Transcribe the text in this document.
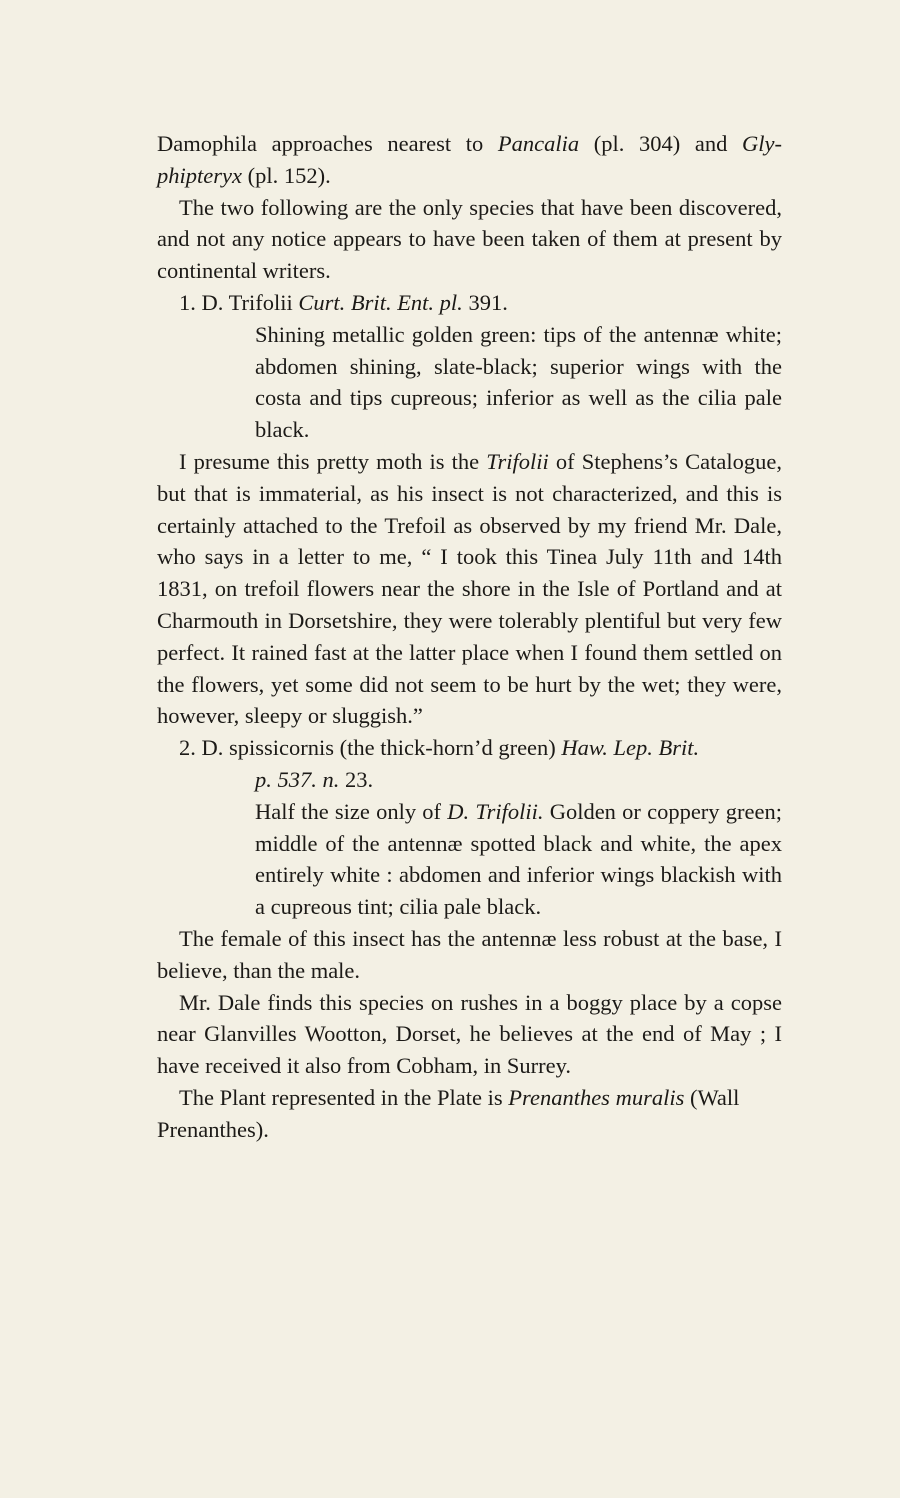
Damophila approaches nearest to Pancalia (pl. 304) and Gly-phipteryx (pl. 152).

The two following are the only species that have been discovered, and not any notice appears to have been taken of them at present by continental writers.

1. D. Trifolii Curt. Brit. Ent. pl. 391.

Shining metallic golden green: tips of the antennæ white; abdomen shining, slate-black; superior wings with the costa and tips cupreous; inferior as well as the cilia pale black.

I presume this pretty moth is the Trifolii of Stephens’s Catalogue, but that is immaterial, as his insect is not characterized, and this is certainly attached to the Trefoil as observed by my friend Mr. Dale, who says in a letter to me, “ I took this Tinea July 11th and 14th 1831, on trefoil flowers near the shore in the Isle of Portland and at Charmouth in Dorsetshire, they were tolerably plentiful but very few perfect. It rained fast at the latter place when I found them settled on the flowers, yet some did not seem to be hurt by the wet; they were, however, sleepy or sluggish.”

2. D. spissicornis (the thick-horn’d green) Haw. Lep. Brit.

p. 537. n. 23.

Half the size only of D. Trifolii. Golden or coppery green; middle of the antennæ spotted black and white, the apex entirely white : abdomen and inferior wings blackish with a cupreous tint; cilia pale black.

The female of this insect has the antennæ less robust at the base, I believe, than the male.

Mr. Dale finds this species on rushes in a boggy place by a copse near Glanvilles Wootton, Dorset, he believes at the end of May ; I have received it also from Cobham, in Surrey.

The Plant represented in the Plate is Prenanthes muralis (Wall Prenanthes).
